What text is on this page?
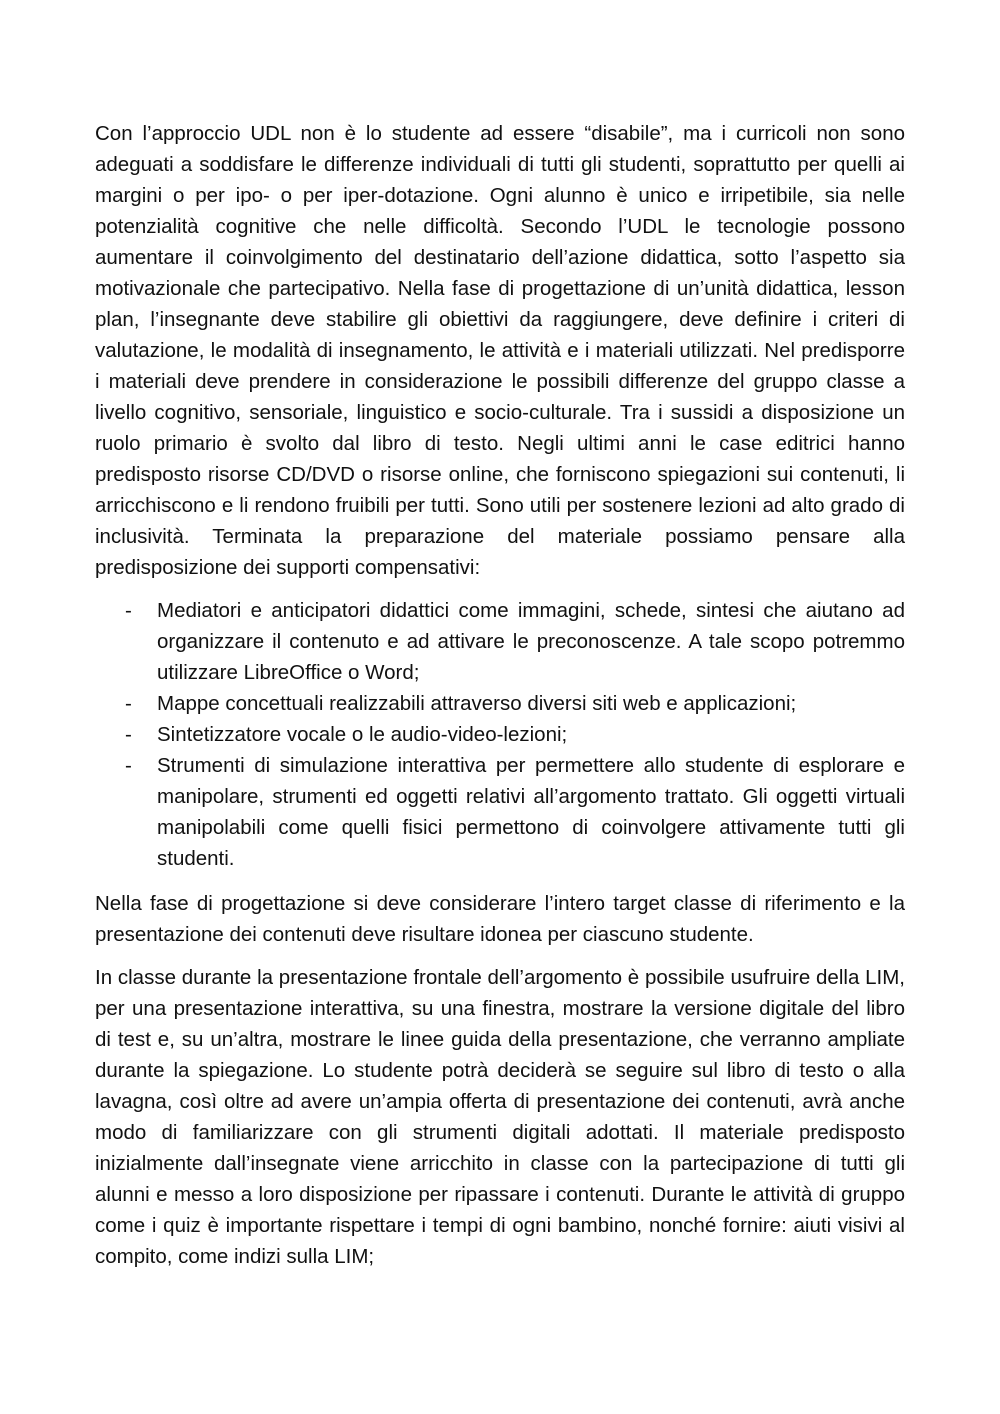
Con l’approccio UDL non è lo studente ad essere “disabile”, ma i curricoli non sono adeguati a soddisfare le differenze individuali di tutti gli studenti, soprattutto per quelli ai margini o per ipo- o per iper-dotazione. Ogni alunno è unico e irripetibile, sia nelle potenzialità cognitive che nelle difficoltà. Secondo l’UDL le tecnologie possono aumentare il coinvolgimento del destinatario dell’azione didattica, sotto l’aspetto sia motivazionale che partecipativo. Nella fase di progettazione di un’unità didattica, lesson plan, l’insegnante deve stabilire gli obiettivi da raggiungere, deve definire i criteri di valutazione, le modalità di insegnamento, le attività e i materiali utilizzati. Nel predisporre i materiali deve prendere in considerazione le possibili differenze del gruppo classe a livello cognitivo, sensoriale, linguistico e socio-culturale. Tra i sussidi a disposizione un ruolo primario è svolto dal libro di testo. Negli ultimi anni le case editrici hanno predisposto risorse CD/DVD o risorse online, che forniscono spiegazioni sui contenuti, li arricchiscono e li rendono fruibili per tutti. Sono utili per sostenere lezioni ad alto grado di inclusività. Terminata la preparazione del materiale possiamo pensare alla predisposizione dei supporti compensativi:

- Mediatori e anticipatori didattici come immagini, schede, sintesi che aiutano ad organizzare il contenuto e ad attivare le preconoscenze. A tale scopo potremmo utilizzare LibreOffice o Word;
- Mappe concettuali realizzabili attraverso diversi siti web e applicazioni;
- Sintetizzatore vocale o le audio-video-lezioni;
- Strumenti di simulazione interattiva per permettere allo studente di esplorare e manipolare, strumenti ed oggetti relativi all’argomento trattato. Gli oggetti virtuali manipolabili come quelli fisici permettono di coinvolgere attivamente tutti gli studenti.

Nella fase di progettazione si deve considerare l’intero target classe di riferimento e la presentazione dei contenuti deve risultare idonea per ciascuno studente.

In classe durante la presentazione frontale dell’argomento è possibile usufruire della LIM, per una presentazione interattiva, su una finestra, mostrare la versione digitale del libro di test e, su un’altra, mostrare le linee guida della presentazione, che verranno ampliate durante la spiegazione. Lo studente potrà deciderà se seguire sul libro di testo o alla lavagna, così oltre ad avere un’ampia offerta di presentazione dei contenuti, avrà anche modo di familiarizzare con gli strumenti digitali adottati. Il materiale predisposto inizialmente dall’insegnate viene arricchito in classe con la partecipazione di tutti gli alunni e messo a loro disposizione per ripassare i contenuti. Durante le attività di gruppo come i quiz è importante rispettare i tempi di ogni bambino, nonché fornire: aiuti visivi al compito, come indizi sulla LIM;
